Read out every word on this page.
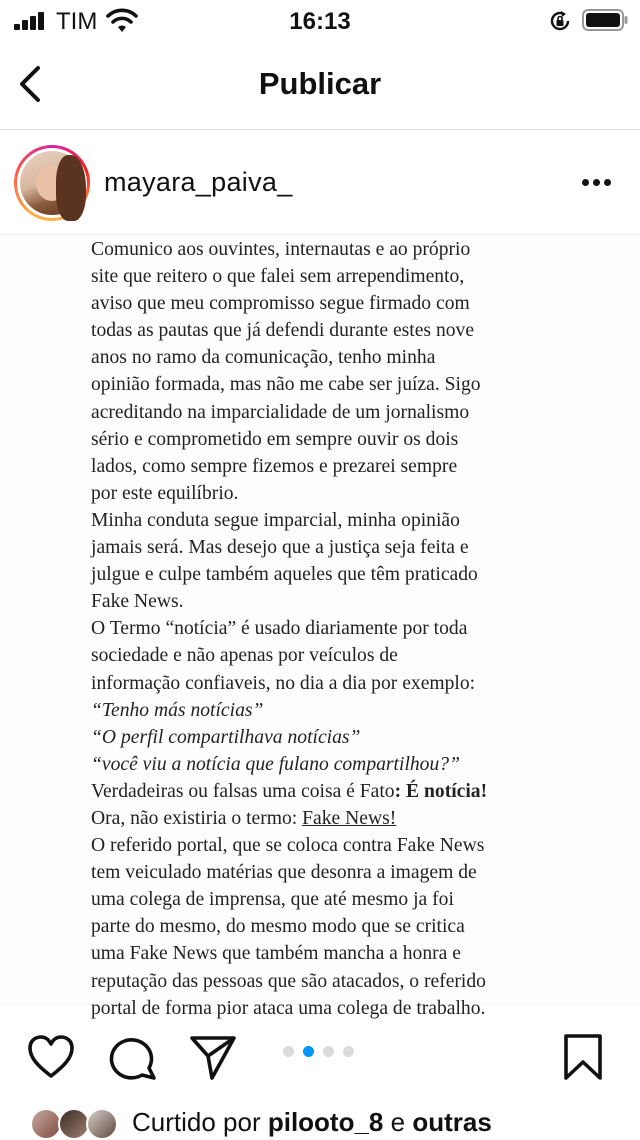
TIM	16:13
Publicar
mayara_paiva_

Comunico aos ouvintes, internautas e ao próprio

site que reitero o que falei sem arrependimento,

aviso que meu compromisso segue firmado com

todas as pautas que já defendi durante estes nove

anos no ramo da comunicação, tenho minha

opinião formada, mas não me cabe ser juíza. Sigo

acreditando na imparcialidade de um jornalismo

sério e comprometido em sempre ouvir os dois

lados, como sempre fizemos e prezarei sempre

por este equilíbrio.

Minha conduta segue imparcial, minha opinião

jamais será. Mas desejo que a justiça seja feita e

julgue e culpe também aqueles que têm praticado

Fake News.

O Termo “notícia” é usado diariamente por toda

sociedade e não apenas por veículos de

informação confiaveis, no dia a dia por exemplo:

“Tenho más notícias”

“O perfil compartilhava notícias”

“você viu a notícia que fulano compartilhou?”

Verdadeiras ou falsas uma coisa é Fato: É notícia!

Ora, não existiria o termo: Fake News!

O referido portal, que se coloca contra Fake News

tem veiculado matérias que desonra a imagem de

uma colega de imprensa, que até mesmo ja foi

parte do mesmo, do mesmo modo que se critica

uma Fake News que também mancha a honra e

reputação das pessoas que são atacados, o referido

portal de forma pior ataca uma colega de trabalho.

Curtido por pilooto_8 e outras
